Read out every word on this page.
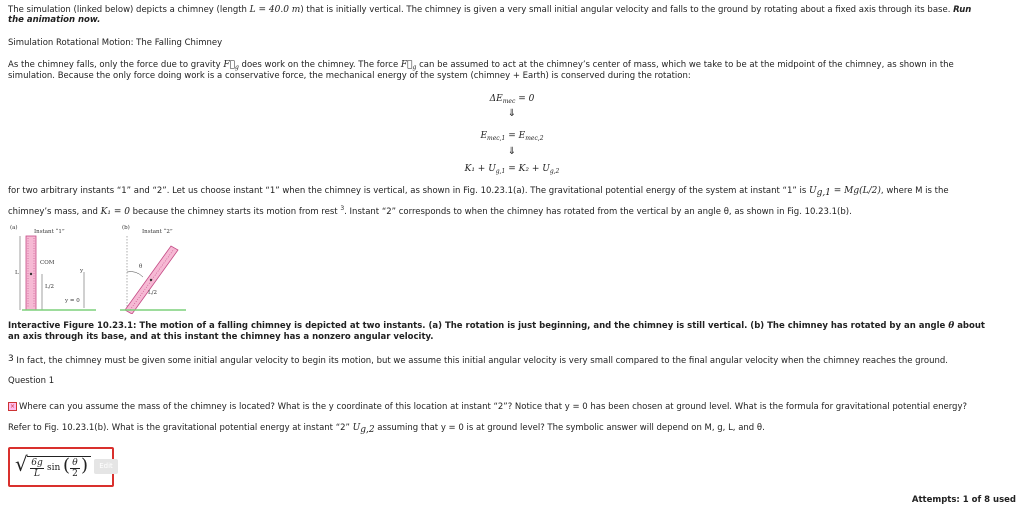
The simulation (linked below) depicts a chimney (length L = 40.0 m) that is initially vertical. The chimney is given a very small initial angular velocity and falls to the ground by rotating about a fixed axis through its base. Run
the animation now.
Simulation Rotational Motion: The Falling Chimney
As the chimney falls, only the force due to gravity $F⃗_g$ does work on the chimney. The force $F⃗_g$ can be assumed to act at the chimney’s center of mass, which we take to be at the midpoint of the chimney, as shown in the
simulation. Because the only force doing work is a conservative force, the mechanical energy of the system (chimney + Earth) is conserved during the rotation:
$\Delta E_{mec} = 0$
⇓
$E_{mec,1} = E_{mec,2}$
⇓
$K_1 + U_{g,1} = K_2 + U_{g,2}$
for two arbitrary instants “1” and “2”. Let us choose instant “1” when the chimney is vertical, as shown in Fig. 10.23.1(a). The gravitational potential energy of the system at instant “1” is $U_{g,1} = Mg(L/2)$, where M is the
chimney’s mass, and K₁ = 0 because the chimney starts its motion from rest $^3$. Instant “2” corresponds to when the chimney has rotated from the vertical by an angle θ, as shown in Fig. 10.23.1(b).
(a)
Instant “1”
COM
L
L/2
y
y = 0
(b)
Instant “2”
θ
L/2
Interactive Figure 10.23.1: The motion of a falling chimney is depicted at two instants. (a) The rotation is just beginning, and the chimney is still vertical. (b) The chimney has rotated by an angle θ about
an axis through its base, and at this instant the chimney has a nonzero angular velocity.
$^3$ In fact, the chimney must be given some initial angular velocity to begin its motion, but we assume this initial angular velocity is very small compared to the final angular velocity when the chimney reaches the ground.
Question 1
× Where can you assume the mass of the chimney is located? What is the y coordinate of this location at instant “2”? Notice that y = 0 has been chosen at ground level. What is the formula for gravitational potential energy?
Refer to Fig. 10.23.1(b). What is the gravitational potential energy at instant “2” $U_{g,2}$ assuming that y = 0 is at ground level? The symbolic answer will depend on M, g, L, and θ.
√ 6g
L
sin ( θ
2 )	Edit
Attempts: 1 of 8 used
